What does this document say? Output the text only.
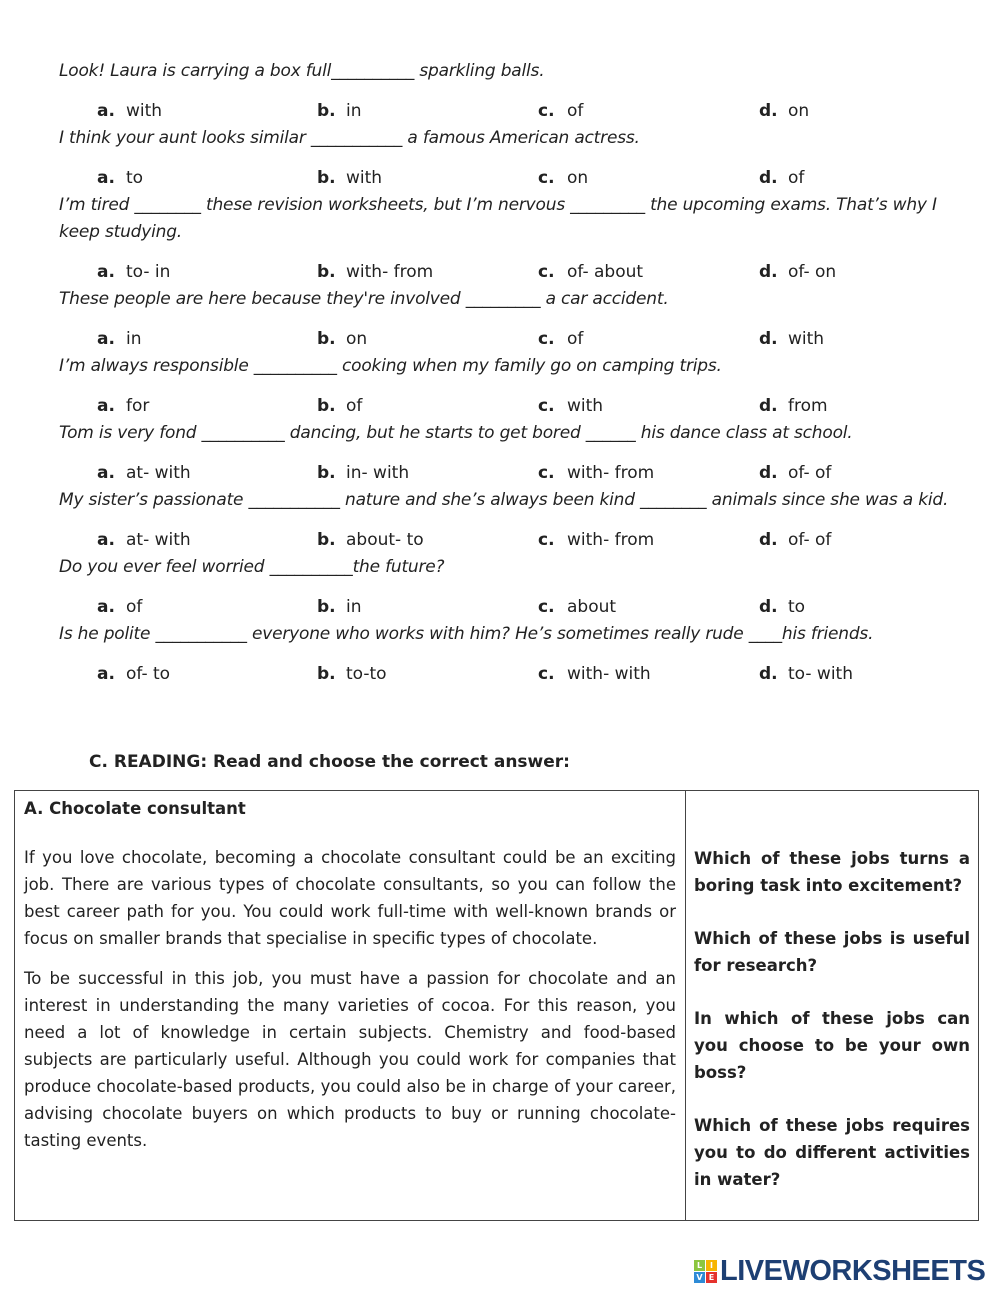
Look! Laura is carrying a box full__________ sparkling balls.
a. with	b. in	c. of	d. on
I think your aunt looks similar ___________ a famous American actress.
a. to	b. with	c. on	d. of
I’m tired ________ these revision worksheets, but I’m nervous _________ the upcoming exams. That’s why I keep studying.
a. to- in	b. with- from	c. of- about	d. of- on
These people are here because they're involved _________ a car accident.
a. in	b. on	c. of	d. with
I’m always responsible __________ cooking when my family go on camping trips.
a. for	b. of	c. with	d. from
Tom is very fond __________ dancing, but he starts to get bored ______ his dance class at school.
a. at- with	b. in- with	c. with- from	d. of- of
My sister’s passionate ___________ nature and she’s always been kind ________ animals since she was a kid.
a. at- with	b. about- to	c. with- from	d. of- of
Do you ever feel worried __________the future?
a. of	b. in	c. about	d. to
Is he polite ___________ everyone who works with him? He’s sometimes really rude ____his friends.
a. of- to	b. to-to	c. with- with	d. to- with
C. READING: Read and choose the correct answer:

A. Chocolate consultant

If you love chocolate, becoming a chocolate consultant could be an exciting job. There are various types of chocolate consultants, so you can follow the best career path for you. You could work full-time with well-known brands or focus on smaller brands that specialise in specific types of chocolate.

To be successful in this job, you must have a passion for chocolate and an interest in understanding the many varieties of cocoa. For this reason, you need a lot of knowledge in certain subjects. Chemistry and food-based subjects are particularly useful. Although you could work for companies that produce chocolate-based products, you could also be in charge of your career, advising chocolate buyers on which products to buy or running chocolate-tasting events.

Which of these jobs turns a boring task into excitement?

Which of these jobs is useful for research?

In which of these jobs can you choose to be your own boss?

Which of these jobs requires you to do different activities in water?

L I
V E LIVEWORKSHEETS
